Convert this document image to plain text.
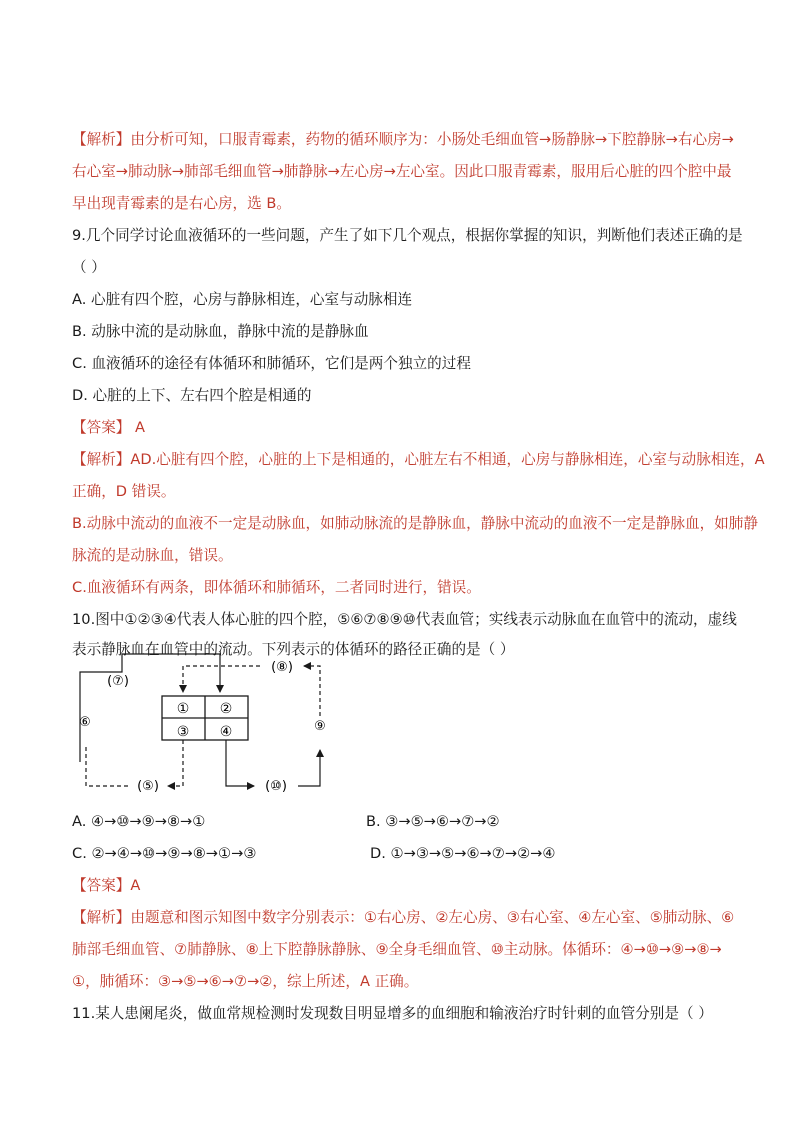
【解析】由分析可知，口服青霉素，药物的循环顺序为：小肠处毛细血管→肠静脉→下腔静脉→右心房→
右心室→肺动脉→肺部毛细血管→肺静脉→左心房→左心室。因此口服青霉素，服用后心脏的四个腔中最
早出现青霉素的是右心房，选 B。
9.几个同学讨论血液循环的一些问题，产生了如下几个观点，根据你掌握的知识，判断他们表述正确的是
（ ）
A. 心脏有四个腔，心房与静脉相连，心室与动脉相连
B. 动脉中流的是动脉血，静脉中流的是静脉血
C. 血液循环的途径有体循环和肺循环，它们是两个独立的过程
D. 心脏的上下、左右四个腔是相通的
【答案】 A
【解析】AD.心脏有四个腔，心脏的上下是相通的，心脏左右不相通，心房与静脉相连，心室与动脉相连，A
正确，D 错误。
B.动脉中流动的血液不一定是动脉血，如肺动脉流的是静脉血，静脉中流动的血液不一定是静脉血，如肺静
脉流的是动脉血，错误。
C.血液循环有两条，即体循环和肺循环，二者同时进行，错误。
10.图中①②③④代表人体心脏的四个腔，⑤⑥⑦⑧⑨⑩代表血管；实线表示动脉血在血管中的流动，虚线
表示静脉血在血管中的流动。下列表示的体循环的路径正确的是（ ）
① ②
③ ④
(⑦)
(⑧)
⑨
⑥
(⑤)	(⑩)
A. ④→⑩→⑨→⑧→①	B. ③→⑤→⑥→⑦→②
C. ②→④→⑩→⑨→⑧→①→③	D. ①→③→⑤→⑥→⑦→②→④
【答案】A
【解析】由题意和图示知图中数字分别表示：①右心房、②左心房、③右心室、④左心室、⑤肺动脉、⑥
肺部毛细血管、⑦肺静脉、⑧上下腔静脉静脉、⑨全身毛细血管、⑩主动脉。体循环：④→⑩→⑨→⑧→
①，肺循环：③→⑤→⑥→⑦→②，综上所述，A 正确。
11.某人患阑尾炎，做血常规检测时发现数目明显增多的血细胞和输液治疗时针刺的血管分别是（ ）
